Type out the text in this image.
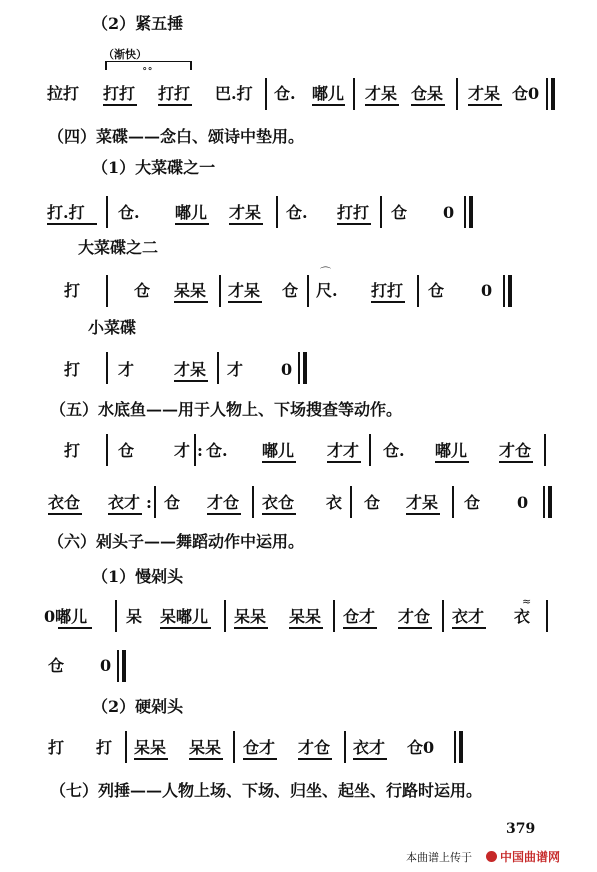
（2）紧五捶
（渐快）
∘∘
拉打 打打 打打 巴.打 仓. 嘟儿 才呆 仓呆 才呆 仓0
（四）菜碟——念白、颂诗中垫用。
（1）大菜碟之一
打.打 仓. 嘟儿 才呆 仓. 打打 仓 0
大菜碟之二
打	仓 呆呆 才呆 仓
⌒
尺. 打打 仓 0
小菜碟
打 才 才呆 才 0
（五）水底鱼——用于人物上、下场搜查等动作。
打 仓 才 : 仓. 嘟儿 才才 仓. 嘟儿 才仓
衣仓 衣才 : 仓 才仓 衣仓 衣 仓 才呆 仓 0
（六）剁头子——舞蹈动作中运用。
（1）慢剁头
0嘟儿 呆 呆嘟儿 呆呆 呆呆 仓才 才仓 衣才
≈
衣
仓 0
（2）硬剁头
打 打 呆呆 呆呆 仓才 才仓 衣才 仓0
（七）列捶——人物上场、下场、归坐、起坐、行路时运用。
379
本曲谱上传于 中国曲谱网
